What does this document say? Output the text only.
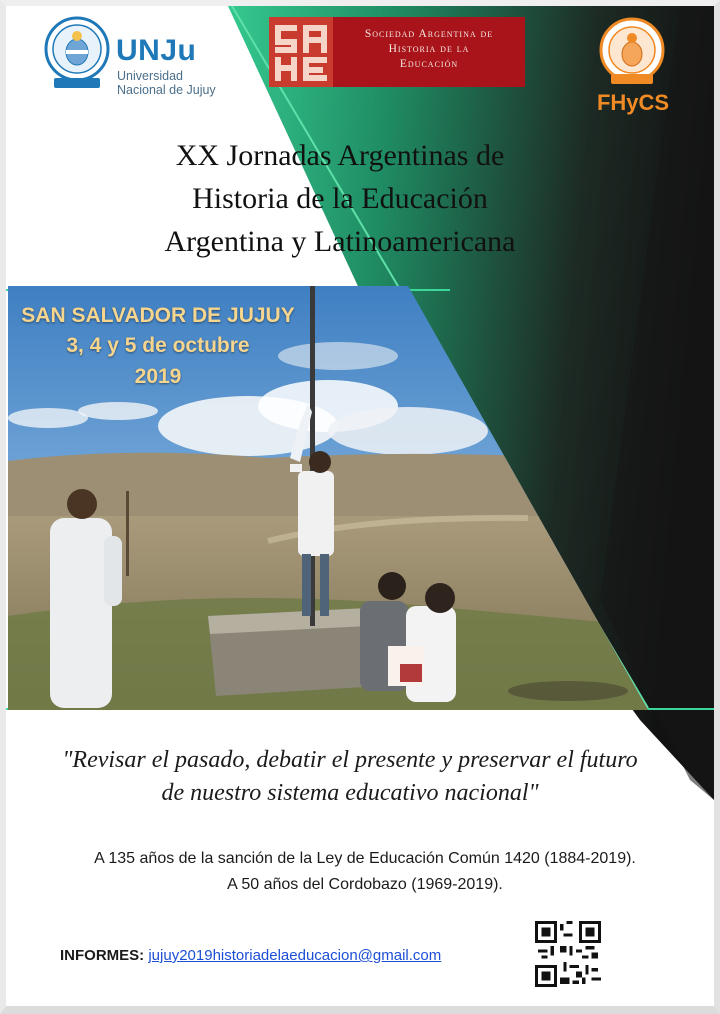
UNJu
Universidad
Nacional de Jujuy
Sociedad Argentina de
Historia de la
Educación
FHyCS
XX Jornadas Argentinas de
Historia de la Educación
Argentina y Latinoamericana
SAN SALVADOR DE JUJUY
3, 4 y 5 de octubre
2019
"Revisar el pasado, debatir el presente y preservar el futuro
de nuestro sistema educativo nacional"
A 135 años de la sanción de la Ley de Educación Común 1420 (1884-2019).
A 50 años del Cordobazo (1969-2019).
INFORMES: jujuy2019historiadelaeducacion@gmail.com
